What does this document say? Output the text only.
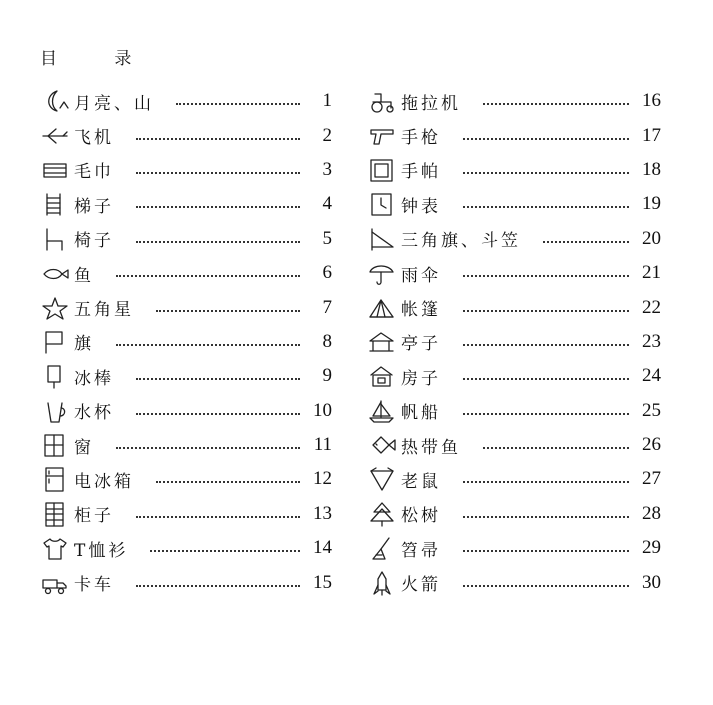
目 录
月亮、山	1
飞机	2
毛巾	3
梯子	4
椅子	5
鱼	6
五角星	7
旗	8
冰棒	9
水杯	10
窗	11
电冰箱	12
柜子	13
T恤衫	14
卡车	15
拖拉机	16
手枪	17
手帕	18
钟表	19
三角旗、斗笠	20
雨伞	21
帐篷	22
亭子	23
房子	24
帆船	25
热带鱼	26
老鼠	27
松树	28
笤帚	29
火箭	30
